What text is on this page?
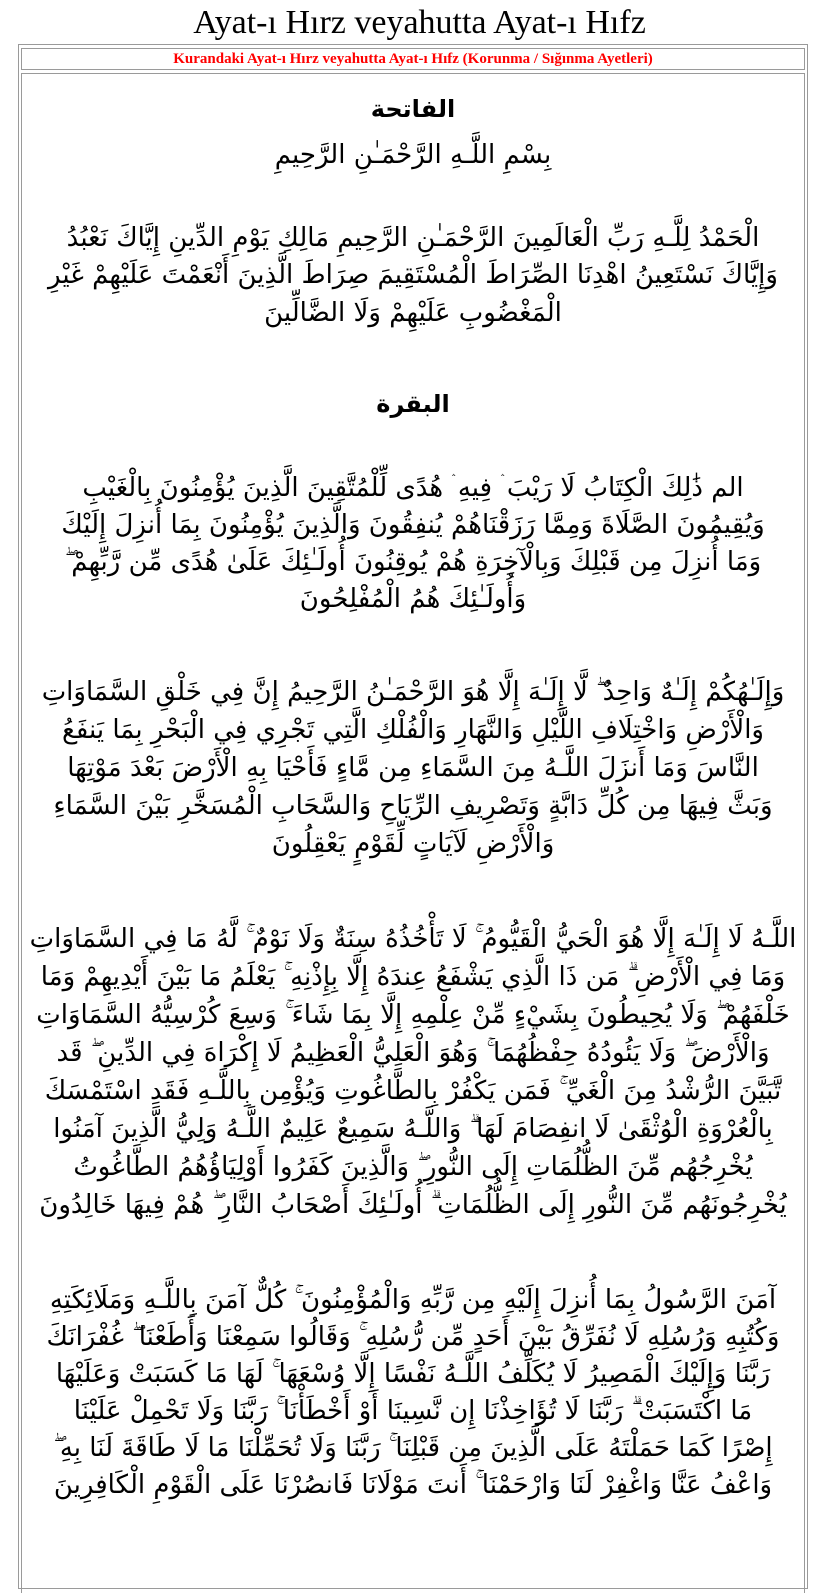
Ayat-ı Hırz veyahutta Ayat-ı Hıfz
Kurandaki Ayat-ı Hırz veyahutta Ayat-ı Hıfz (Korunma / Sığınma Ayetleri)
الفاتحة
بِسْمِ اللَّـهِ الرَّحْمَـٰنِ الرَّحِيمِ
الْحَمْدُ لِلَّـهِ رَبِّ الْعَالَمِينَ الرَّحْمَـٰنِ الرَّحِيمِ مَالِكِ يَوْمِ الدِّينِ إِيَّاكَ نَعْبُدُ
وَإِيَّاكَ نَسْتَعِينُ اهْدِنَا الصِّرَاطَ الْمُسْتَقِيمَ صِرَاطَ الَّذِينَ أَنْعَمْتَ عَلَيْهِمْ غَيْرِ
الْمَغْضُوبِ عَلَيْهِمْ وَلَا الضَّالِّينَ
البقرة
الم ذَٰلِكَ الْكِتَابُ لَا رَيْبَ ۛ فِيهِ ۛ هُدًى لِّلْمُتَّقِينَ الَّذِينَ يُؤْمِنُونَ بِالْغَيْبِ
وَيُقِيمُونَ الصَّلَاةَ وَمِمَّا رَزَقْنَاهُمْ يُنفِقُونَ وَالَّذِينَ يُؤْمِنُونَ بِمَا أُنزِلَ إِلَيْكَ
وَمَا أُنزِلَ مِن قَبْلِكَ وَبِالْآخِرَةِ هُمْ يُوقِنُونَ أُولَـٰئِكَ عَلَىٰ هُدًى مِّن رَّبِّهِمْ ۖ
وَأُولَـٰئِكَ هُمُ الْمُفْلِحُونَ
وَإِلَـٰهُكُمْ إِلَـٰهٌ وَاحِدٌ ۖ لَّا إِلَـٰهَ إِلَّا هُوَ الرَّحْمَـٰنُ الرَّحِيمُ إِنَّ فِي خَلْقِ السَّمَاوَاتِ
وَالْأَرْضِ وَاخْتِلَافِ اللَّيْلِ وَالنَّهَارِ وَالْفُلْكِ الَّتِي تَجْرِي فِي الْبَحْرِ بِمَا يَنفَعُ
النَّاسَ وَمَا أَنزَلَ اللَّـهُ مِنَ السَّمَاءِ مِن مَّاءٍ فَأَحْيَا بِهِ الْأَرْضَ بَعْدَ مَوْتِهَا
وَبَثَّ فِيهَا مِن كُلِّ دَابَّةٍ وَتَصْرِيفِ الرِّيَاحِ وَالسَّحَابِ الْمُسَخَّرِ بَيْنَ السَّمَاءِ
وَالْأَرْضِ لَآيَاتٍ لِّقَوْمٍ يَعْقِلُونَ
اللَّـهُ لَا إِلَـٰهَ إِلَّا هُوَ الْحَيُّ الْقَيُّومُ ۚ لَا تَأْخُذُهُ سِنَةٌ وَلَا نَوْمٌ ۚ لَّهُ مَا فِي السَّمَاوَاتِ
وَمَا فِي الْأَرْضِ ۗ مَن ذَا الَّذِي يَشْفَعُ عِندَهُ إِلَّا بِإِذْنِهِ ۚ يَعْلَمُ مَا بَيْنَ أَيْدِيهِمْ وَمَا
خَلْفَهُمْ ۖ وَلَا يُحِيطُونَ بِشَيْءٍ مِّنْ عِلْمِهِ إِلَّا بِمَا شَاءَ ۚ وَسِعَ كُرْسِيُّهُ السَّمَاوَاتِ
وَالْأَرْضَ ۖ وَلَا يَئُودُهُ حِفْظُهُمَا ۚ وَهُوَ الْعَلِيُّ الْعَظِيمُ لَا إِكْرَاهَ فِي الدِّينِ ۖ قَد
تَّبَيَّنَ الرُّشْدُ مِنَ الْغَيِّ ۚ فَمَن يَكْفُرْ بِالطَّاغُوتِ وَيُؤْمِن بِاللَّـهِ فَقَدِ اسْتَمْسَكَ
بِالْعُرْوَةِ الْوُثْقَىٰ لَا انفِصَامَ لَهَا ۗ وَاللَّـهُ سَمِيعٌ عَلِيمٌ اللَّـهُ وَلِيُّ الَّذِينَ آمَنُوا
يُخْرِجُهُم مِّنَ الظُّلُمَاتِ إِلَى النُّورِ ۖ وَالَّذِينَ كَفَرُوا أَوْلِيَاؤُهُمُ الطَّاغُوتُ
يُخْرِجُونَهُم مِّنَ النُّورِ إِلَى الظُّلُمَاتِ ۗ أُولَـٰئِكَ أَصْحَابُ النَّارِ ۖ هُمْ فِيهَا خَالِدُونَ
آمَنَ الرَّسُولُ بِمَا أُنزِلَ إِلَيْهِ مِن رَّبِّهِ وَالْمُؤْمِنُونَ ۚ كُلٌّ آمَنَ بِاللَّـهِ وَمَلَائِكَتِهِ
وَكُتُبِهِ وَرُسُلِهِ لَا نُفَرِّقُ بَيْنَ أَحَدٍ مِّن رُّسُلِهِ ۚ وَقَالُوا سَمِعْنَا وَأَطَعْنَا ۖ غُفْرَانَكَ
رَبَّنَا وَإِلَيْكَ الْمَصِيرُ لَا يُكَلِّفُ اللَّـهُ نَفْسًا إِلَّا وُسْعَهَا ۚ لَهَا مَا كَسَبَتْ وَعَلَيْهَا
مَا اكْتَسَبَتْ ۗ رَبَّنَا لَا تُؤَاخِذْنَا إِن نَّسِينَا أَوْ أَخْطَأْنَا ۚ رَبَّنَا وَلَا تَحْمِلْ عَلَيْنَا
إِصْرًا كَمَا حَمَلْتَهُ عَلَى الَّذِينَ مِن قَبْلِنَا ۚ رَبَّنَا وَلَا تُحَمِّلْنَا مَا لَا طَاقَةَ لَنَا بِهِ ۖ
وَاعْفُ عَنَّا وَاغْفِرْ لَنَا وَارْحَمْنَا ۚ أَنتَ مَوْلَانَا فَانصُرْنَا عَلَى الْقَوْمِ الْكَافِرِينَ
